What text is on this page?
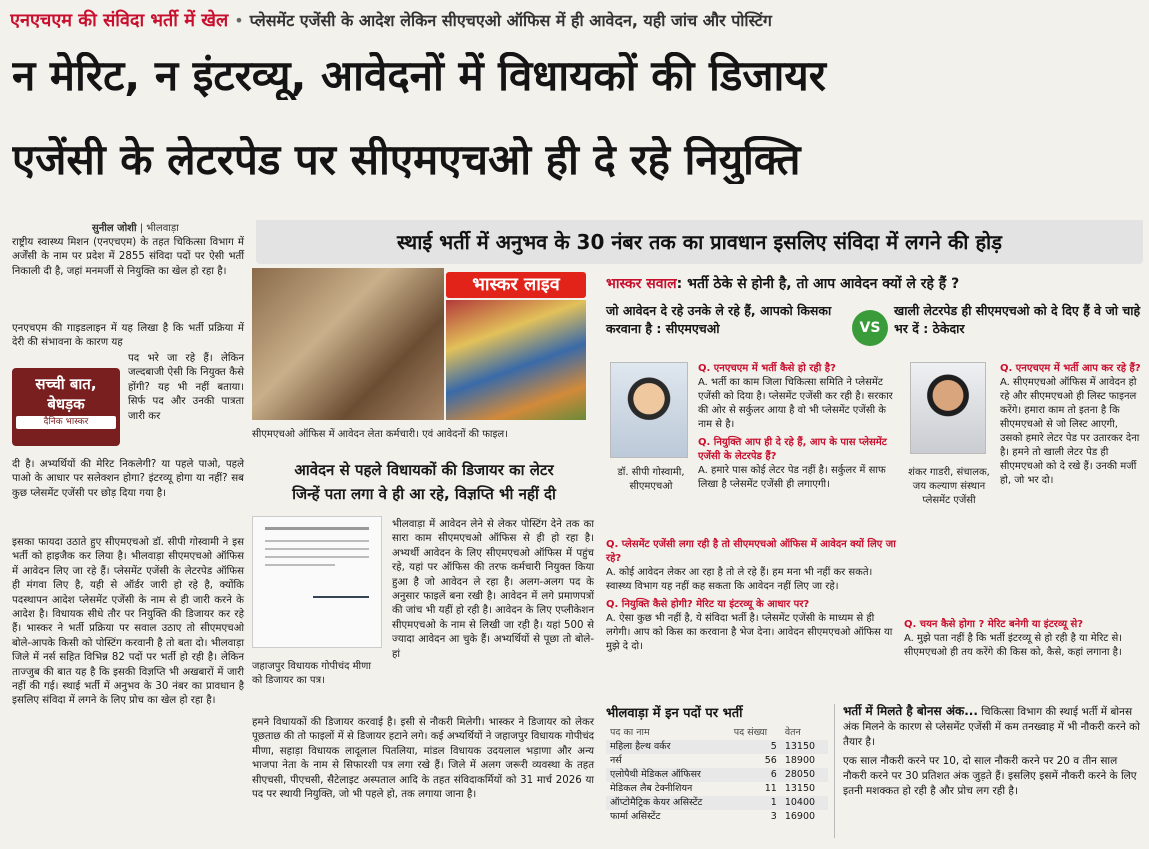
एनएचएम की संविदा भर्ती में खेल • प्लेसमेंट एजेंसी के आदेश लेकिन सीएचएओ ऑफिस में ही आवेदन, यही जांच और पोस्टिंग
न मेरिट, न इंटरव्यू, आवेदनों में विधायकों की डिजायर
एजेंसी के लेटरपेड पर सीएमएचओ ही दे रहे नियुक्ति
सुनील जोशी | भीलवाड़ा
स्थाई भर्ती में अनुभव के 30 नंबर तक का प्रावधान इसलिए संविदा में लगने की होड़

राष्ट्रीय स्वास्थ्य मिशन (एनएचएम) के तहत चिकित्सा विभाग में अर्जेंसी के नाम पर प्रदेश में 2855 संविदा पदों पर ऐसी भर्ती निकाली दी है, जहां मनमर्जी से नियुक्ति का खेल हो रहा है।

एनएचएम की गाइडलाइन में यह लिखा है कि भर्ती प्रक्रिया में देरी की संभावना के कारण यह

सच्ची बात,
बेधड़क
दैनिक भास्कर

पद भरे जा रहे हैं। लेकिन जल्दबाजी ऐसी कि नियुक्त कैसे होंगी? यह भी नहीं बताया। सिर्फ पद और उनकी पात्रता जारी कर

दी है। अभ्यर्थियों की मेरिट निकलेगी? या पहले पाओ, पहले पाओ के आधार पर सलेक्शन होगा? इंटरव्यू होगा या नहीं? सब कुछ प्लेसमेंट एजेंसी पर छोड़ दिया गया है।

इसका फायदा उठाते हुए सीएमएचओ डॉ. सीपी गोस्वामी ने इस भर्ती को हाइजैक कर लिया है। भीलवाड़ा सीएमएचओ ऑफिस में आवेदन लिए जा रहे हैं। प्लेसमेंट एजेंसी के लेटरपेड ऑफिस ही मंगवा लिए है, यही से ऑर्डर जारी हो रहे है, क्योंकि पदस्थापन आदेश प्लेसमेंट एजेंसी के नाम से ही जारी करने के आदेश है। विधायक सीधे तौर पर नियुक्ति की डिजायर कर रहे हैं। भास्कर ने भर्ती प्रक्रिया पर सवाल उठाए तो सीएमएचओ बोले-आपके किसी को पोस्टिंग करवानी है तो बता दो। भीलवाड़ा जिले में नर्स सहित विभिन्न 82 पदों पर भर्ती हो रही है। लेकिन ताज्जुब की बात यह है कि इसकी विज्ञप्ति भी अखबारों में जारी नहीं की गई। स्थाई भर्ती में अनुभव के 30 नंबर का प्रावधान है इसलिए संविदा में लगने के लिए प्रोच का खेल हो रहा है।

भास्कर लाइव
सीएमएचओ ऑफिस में आवेदन लेता कर्मचारी। एवं आवेदनों की फाइल।
आवेदन से पहले विधायकों की डिजायर का लेटर
जिन्हें पता लगा वे ही आ रहे, विज्ञप्ति भी नहीं दी
जहाजपुर विधायक गोपीचंद मीणा को डिजायर का पत्र।

भीलवाड़ा में आवेदन लेने से लेकर पोस्टिंग देने तक का सारा काम सीएमएचओ ऑफिस से ही हो रहा है। अभ्यर्थी आवेदन के लिए सीएमएचओ ऑफिस में पहुंच रहे, यहां पर ऑफिस की तरफ कर्मचारी नियुक्त किया हुआ है जो आवेदन ले रहा है। अलग-अलग पद के अनुसार फाइलें बना रखी है। आवेदन में लगे प्रमाणपत्रों की जांच भी यहीं हो रही है। आवेदन के लिए एप्लीकेशन सीएमएचओ के नाम से लिखी जा रही है। यहां 500 से ज्यादा आवेदन आ चुके हैं। अभ्यर्थियों से पूछा तो बोले-हां

हमने विधायकों की डिजायर करवाई है। इसी से नौकरी मिलेगी। भास्कर ने डिजायर को लेकर पूछताछ की तो फाइलों में से डिजायर हटाने लगे। कई अभ्यर्थियों ने जहाजपुर विधायक गोपीचंद मीणा, सहाड़ा विधायक लादूलाल पितलिया, मांडल विधायक उदयलाल भड़ाणा और अन्य भाजपा नेता के नाम से सिफारशी पत्र लगा रखे हैं। जिले में अलग जरूरी व्यवस्था के तहत सीएचसी, पीएचसी, सैटेलाइट अस्पताल आदि के तहत संविदाकर्मियों को 31 मार्च 2026 या पद पर स्थायी नियुक्ति, जो भी पहले हो, तक लगाया जाना है।

भास्कर सवाल: भर्ती ठेके से होनी है, तो आप आवेदन क्यों ले रहे हैं ?
जो आवेदन दे रहे उनके ले रहे हैं, आपको किसका करवाना है : सीएमएचओ	VS
खाली लेटरपेड ही सीएमएचओ को दे दिए हैं वे जो चाहे भर दें : ठेकेदार
डॉ. सीपी गोस्वामी, सीएमएचओ
Q. एनएचएम में भर्ती कैसे हो रही है?
A. भर्ती का काम जिला चिकित्सा समिति ने प्लेसमेंट एजेंसी को दिया है। प्लेसमेंट एजेंसी कर रही है। सरकार की ओर से सर्कुलर आया है वो भी प्लेसमेंट एजेंसी के नाम से है।
Q. नियुक्ति आप ही दे रहे हैं, आप के पास प्लेसमेंट एजेंसी के लेटरपेड हैं?
A. हमारे पास कोई लेटर पेड नहीं है। सर्कुलर में साफ लिखा है प्लेसमेंट एजेंसी ही लगाएगी।
Q. प्लेसमेंट एजेंसी लगा रही है तो सीएमएचओ ऑफिस में आवेदन क्यों लिए जा रहे?
A. कोई आवेदन लेकर आ रहा है तो ले रहे हैं। हम मना भी नहीं कर सकते। स्वास्थ्य विभाग यह नहीं कह सकता कि आवेदन नहीं लिए जा रहे।
Q. नियुक्ति कैसे होगी? मेरिट या इंटरव्यू के आधार पर?
A. ऐसा कुछ भी नहीं है, ये संविदा भर्ती है। प्लेसमेंट एजेंसी के माध्यम से ही लगेगी। आप को किस का करवाना है भेज देना। आवेदन सीएमएचओ ऑफिस या मुझे दे दो।
शंकर गाडरी, संचालक, जय कल्याण संस्थान प्लेसमेंट एजेंसी
Q. एनएचएम में भर्ती आप कर रहे हैं?
A. सीएमएचओ ऑफिस में आवेदन हो रहे और सीएमएचओ ही लिस्ट फाइनल करेंगे। हमारा काम तो इतना है कि सीएमएचओ से जो लिस्ट आएगी, उसको हमारे लेटर पेड पर उतारकर देना है। हमने तो खाली लेटर पेड ही सीएमएचओ को दे रखे हैं। उनकी मर्जी हो, जो भर दो।
Q. चयन कैसे होगा ? मेरिट बनेगी या इंटरव्यू से?
A. मुझे पता नहीं है कि भर्ती इंटरव्यू से हो रही है या मेरिट से। सीएमएचओ ही तय करेंगे की किस को, कैसे, कहां लगाना है।
भीलवाड़ा में इन पदों पर भर्ती
पद का नाम	पद संख्या	वेतन
महिला हैल्थ वर्कर	5	13150
नर्स	56	18900
एलोपैथी मेडिकल ऑफिसर	6	28050
मेडिकल लैब टेक्नीशियन	11	13150
ऑप्टोमैट्रिक केयर असिस्टेंट	1	10400
फार्मा असिस्टेंट	3	16900
भर्ती में मिलते है बोनस अंक... चिकित्सा विभाग की स्थाई भर्ती में बोनस अंक मिलने के कारण से प्लेसमेंट एजेंसी में कम तनख्वाह में भी नौकरी करने को तैयार है।
एक साल नौकरी करने पर 10, दो साल नौकरी करने पर 20 व तीन साल नौकरी करने पर 30 प्रतिशत अंक जुड़ते हैं। इसलिए इसमें नौकरी करने के लिए इतनी मशक्कत हो रही है और प्रोच लग रही है।
